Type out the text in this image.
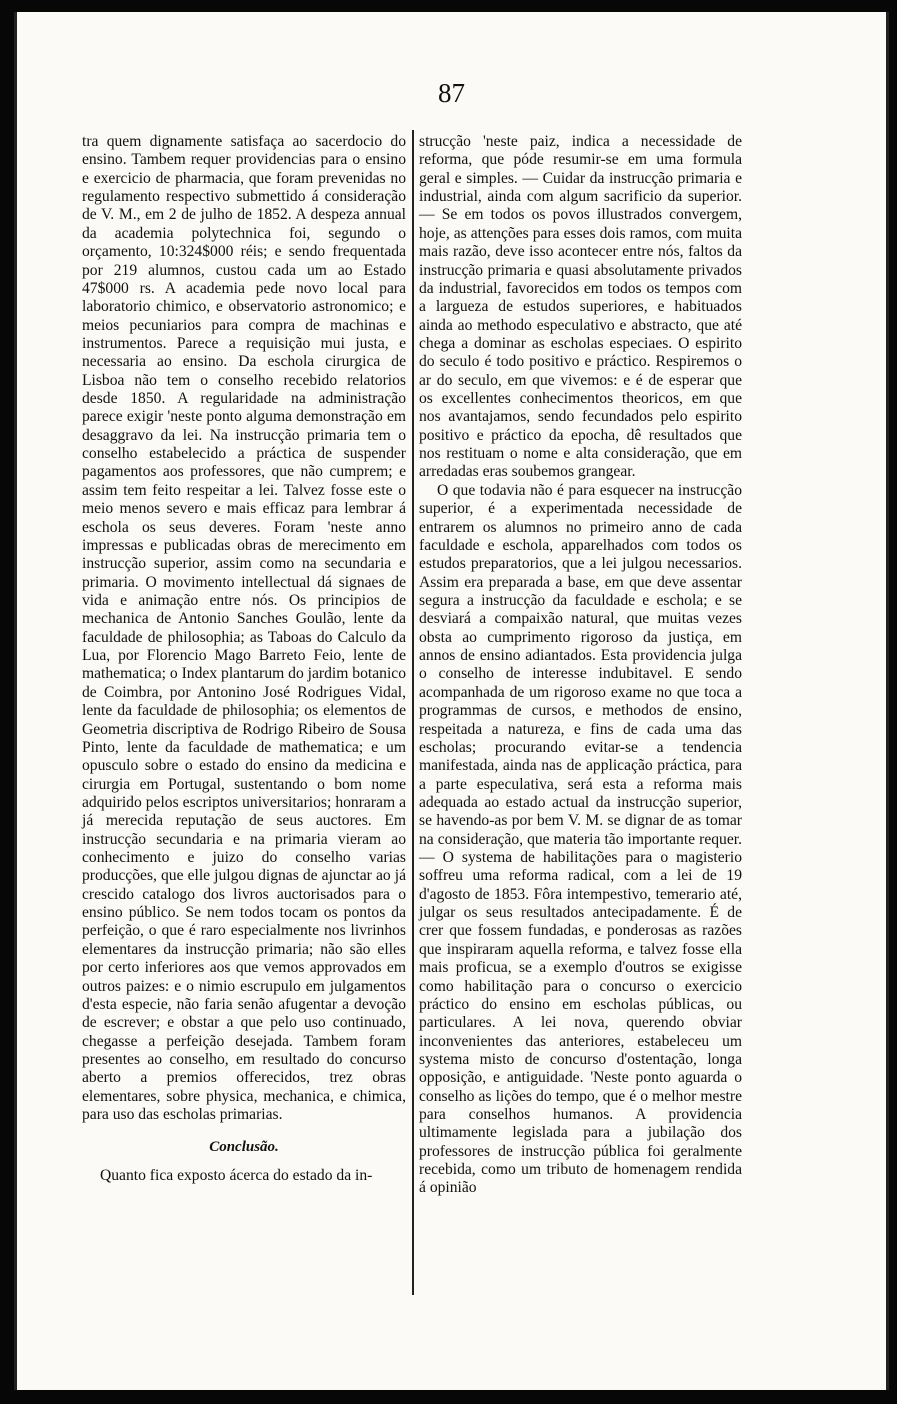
87

tra quem dignamente satisfaça ao sacerdocio do ensino. Tambem requer providencias para o ensino e exercicio de pharmacia, que foram prevenidas no regulamento respectivo submettido á consideração de V. M., em 2 de julho de 1852. A despeza annual da academia polytechnica foi, segundo o orçamento, 10:324$000 réis; e sendo frequentada por 219 alumnos, custou cada um ao Estado 47$000 rs. A academia pede novo local para laboratorio chimico, e observatorio astronomico; e meios pecuniarios para compra de machinas e instrumentos. Parece a requisição mui justa, e necessaria ao ensino. Da eschola cirurgica de Lisboa não tem o conselho recebido relatorios desde 1850. A regularidade na administração parece exigir 'neste ponto alguma demonstração em desaggravo da lei. Na instrucção primaria tem o conselho estabelecido a práctica de suspender pagamentos aos professores, que não cumprem; e assim tem feito respeitar a lei. Talvez fosse este o meio menos severo e mais efficaz para lembrar á eschola os seus deveres. Foram 'neste anno impressas e publicadas obras de merecimento em instrucção superior, assim como na secundaria e primaria. O movimento intellectual dá signaes de vida e animação entre nós. Os principios de mechanica de Antonio Sanches Goulão, lente da faculdade de philosophia; as Taboas do Calculo da Lua, por Florencio Mago Barreto Feio, lente de mathematica; o Index plantarum do jardim botanico de Coimbra, por Antonino José Rodrigues Vidal, lente da faculdade de philosophia; os elementos de Geometria discriptiva de Rodrigo Ribeiro de Sousa Pinto, lente da faculdade de mathematica; e um opusculo sobre o estado do ensino da medicina e cirurgia em Portugal, sustentando o bom nome adquirido pelos escriptos universitarios; honraram a já merecida reputação de seus auctores. Em instrucção secundaria e na primaria vieram ao conhecimento e juizo do conselho varias producções, que elle julgou dignas de ajunctar ao já crescido catalogo dos livros auctorisados para o ensino público. Se nem todos tocam os pontos da perfeição, o que é raro especialmente nos livrinhos elementares da instrucção primaria; não são elles por certo inferiores aos que vemos approvados em outros paizes: e o nimio escrupulo em julgamentos d'esta especie, não faria senão afugentar a devoção de escrever; e obstar a que pelo uso continuado, chegasse a perfeição desejada. Tambem foram presentes ao conselho, em resultado do concurso aberto a premios offerecidos, trez obras elementares, sobre physica, mechanica, e chimica, para uso das escholas primarias.

Conclusão.

Quanto fica exposto ácerca do estado da in-

strucção 'neste paiz, indica a necessidade de reforma, que póde resumir-se em uma formula geral e simples. — Cuidar da instrucção primaria e industrial, ainda com algum sacrificio da superior. — Se em todos os povos illustrados convergem, hoje, as attenções para esses dois ramos, com muita mais razão, deve isso acontecer entre nós, faltos da instrucção primaria e quasi absolutamente privados da industrial, favorecidos em todos os tempos com a largueza de estudos superiores, e habituados ainda ao methodo especulativo e abstracto, que até chega a dominar as escholas especiaes. O espirito do seculo é todo positivo e práctico. Respiremos o ar do seculo, em que vivemos: e é de esperar que os excellentes conhecimentos theoricos, em que nos avantajamos, sendo fecundados pelo espirito positivo e práctico da epocha, dê resultados que nos restituam o nome e alta consideração, que em arredadas eras soubemos grangear.

O que todavia não é para esquecer na instrucção superior, é a experimentada necessidade de entrarem os alumnos no primeiro anno de cada faculdade e eschola, apparelhados com todos os estudos preparatorios, que a lei julgou necessarios. Assim era preparada a base, em que deve assentar segura a instrucção da faculdade e eschola; e se desviará a compaixão natural, que muitas vezes obsta ao cumprimento rigoroso da justiça, em annos de ensino adiantados. Esta providencia julga o conselho de interesse indubitavel. E sendo acompanhada de um rigoroso exame no que toca a programmas de cursos, e methodos de ensino, respeitada a natureza, e fins de cada uma das escholas; procurando evitar-se a tendencia manifestada, ainda nas de applicação práctica, para a parte especulativa, será esta a reforma mais adequada ao estado actual da instrucção superior, se havendo-as por bem V. M. se dignar de as tomar na consideração, que materia tão importante requer. — O systema de habilitações para o magisterio soffreu uma reforma radical, com a lei de 19 d'agosto de 1853. Fôra intempestivo, temerario até, julgar os seus resultados antecipadamente. É de crer que fossem fundadas, e ponderosas as razões que inspiraram aquella reforma, e talvez fosse ella mais proficua, se a exemplo d'outros se exigisse como habilitação para o concurso o exercicio práctico do ensino em escholas públicas, ou particulares. A lei nova, querendo obviar inconvenientes das anteriores, estabeleceu um systema misto de concurso d'ostentação, longa opposição, e antiguidade. 'Neste ponto aguarda o conselho as lições do tempo, que é o melhor mestre para conselhos humanos. A providencia ultimamente legislada para a jubilação dos professores de instrucção pública foi geralmente recebida, como um tributo de homenagem rendida á opinião
